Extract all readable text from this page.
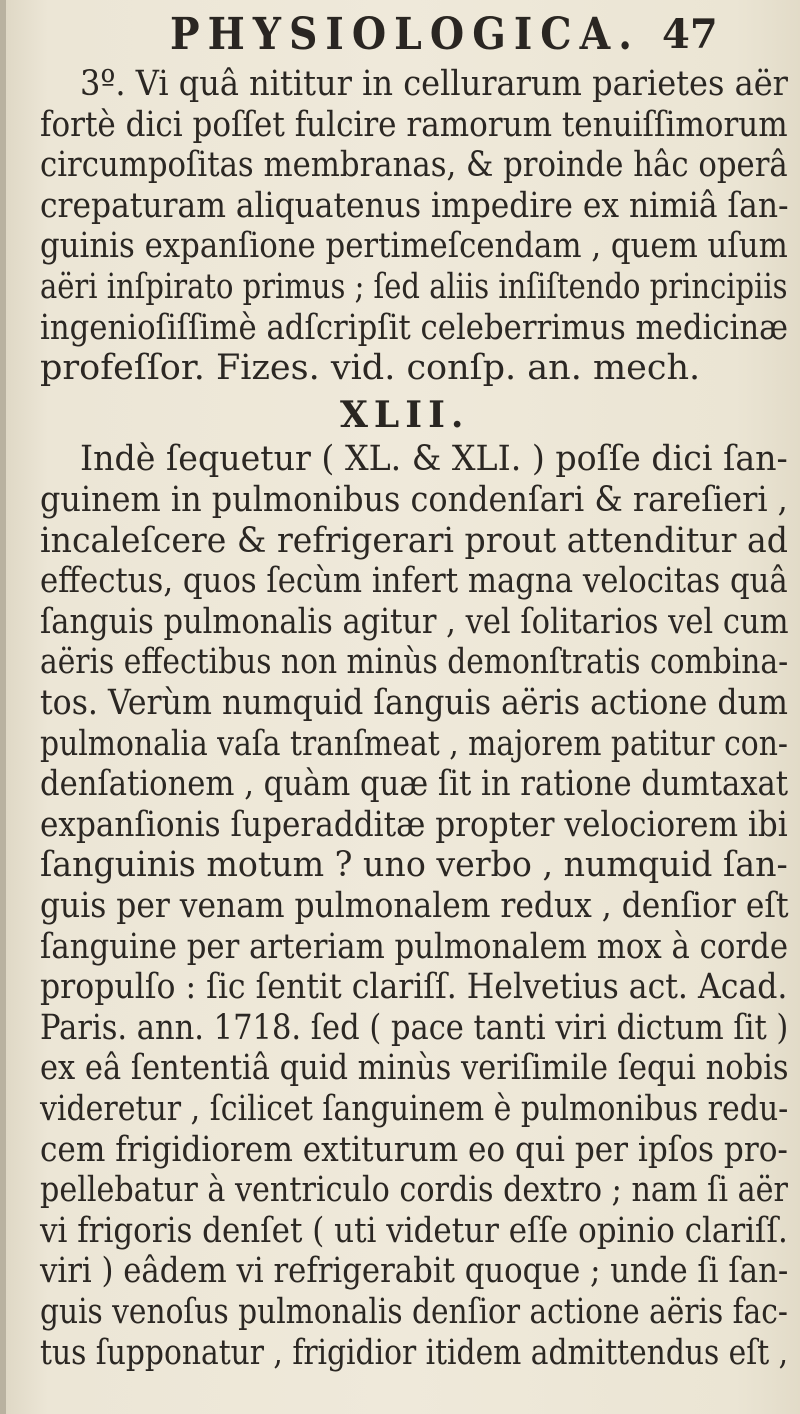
PHYSIOLOGICA. 47
3º. Vi quâ nititur in cellurarum parietes aër
fortè dici poſſet fulcire ramorum tenuiſſimorum
circumpoſitas membranas, & proinde hâc operâ
crepaturam aliquatenus impedire ex nimiâ ſan-
guinis expanſione pertimeſcendam , quem uſum
aëri inſpirato primus ; ſed aliis inſiſtendo principiis
ingenioſiſſimè adſcripſit celeberrimus medicinæ
profeſſor. Fizes. vid. conſp. an. mech.
XLII.
Indè ſequetur ( XL. & XLI. ) poſſe dici ſan-
guinem in pulmonibus condenſari & rareſieri ,
incaleſcere & refrigerari prout attenditur ad
effectus, quos ſecùm infert magna velocitas quâ
ſanguis pulmonalis agitur , vel ſolitarios vel cum
aëris effectibus non minùs demonſtratis combina-
tos. Verùm numquid ſanguis aëris actione dum
pulmonalia vaſa tranſmeat , majorem patitur con-
denſationem , quàm quæ ſit in ratione dumtaxat
expanſionis ſuperadditæ propter velociorem ibi
ſanguinis motum ? uno verbo , numquid ſan-
guis per venam pulmonalem redux , denſior eſt
ſanguine per arteriam pulmonalem mox à corde
propulſo : ſic ſentit clariſſ. Helvetius act. Acad.
Paris. ann. 1718. ſed ( pace tanti viri dictum ſit )
ex eâ ſententiâ quid minùs veriſimile ſequi nobis
videretur , ſcilicet ſanguinem è pulmonibus redu-
cem frigidiorem extiturum eo qui per ipſos pro-
pellebatur à ventriculo cordis dextro ; nam ſi aër
vi frigoris denſet ( uti videtur eſſe opinio clariſſ.
viri ) eâdem vi refrigerabit quoque ; unde ſi ſan-
guis venoſus pulmonalis denſior actione aëris fac-
tus ſupponatur , frigidior itidem admittendus eſt ,
